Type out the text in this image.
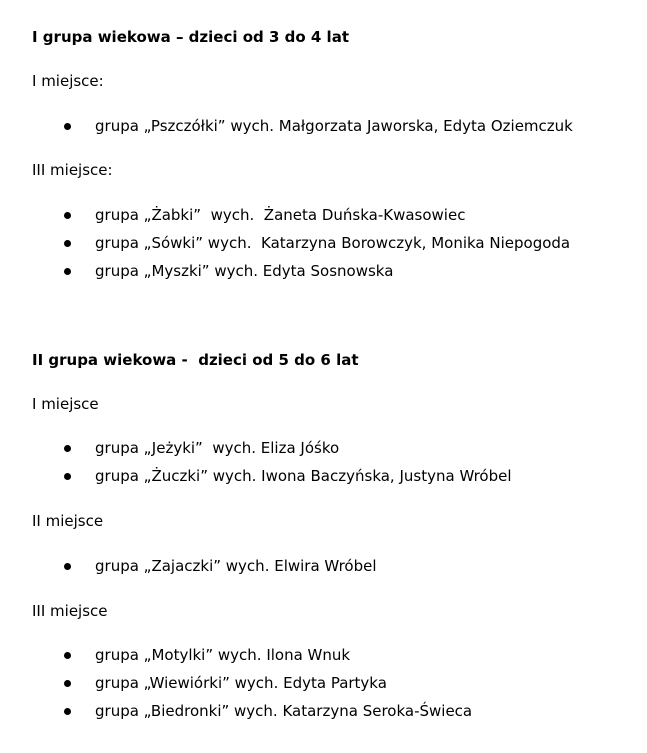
I grupa wiekowa – dzieci od 3 do 4 lat
I miejsce:
grupa „Pszczółki” wych. Małgorzata Jaworska, Edyta Oziemczuk
III miejsce:
grupa „Żabki”  wych.  Żaneta Duńska-Kwasowiec
grupa „Sówki” wych.  Katarzyna Borowczyk, Monika Niepogoda
grupa „Myszki” wych. Edyta Sosnowska
II grupa wiekowa -  dzieci od 5 do 6 lat
I miejsce
grupa „Jeżyki”  wych. Eliza Jóśko
grupa „Żuczki” wych. Iwona Baczyńska, Justyna Wróbel
II miejsce
grupa „Zajaczki” wych. Elwira Wróbel
III miejsce
grupa „Motylki” wych. Ilona Wnuk
grupa „Wiewiórki” wych. Edyta Partyka
grupa „Biedronki” wych. Katarzyna Seroka-Świeca
